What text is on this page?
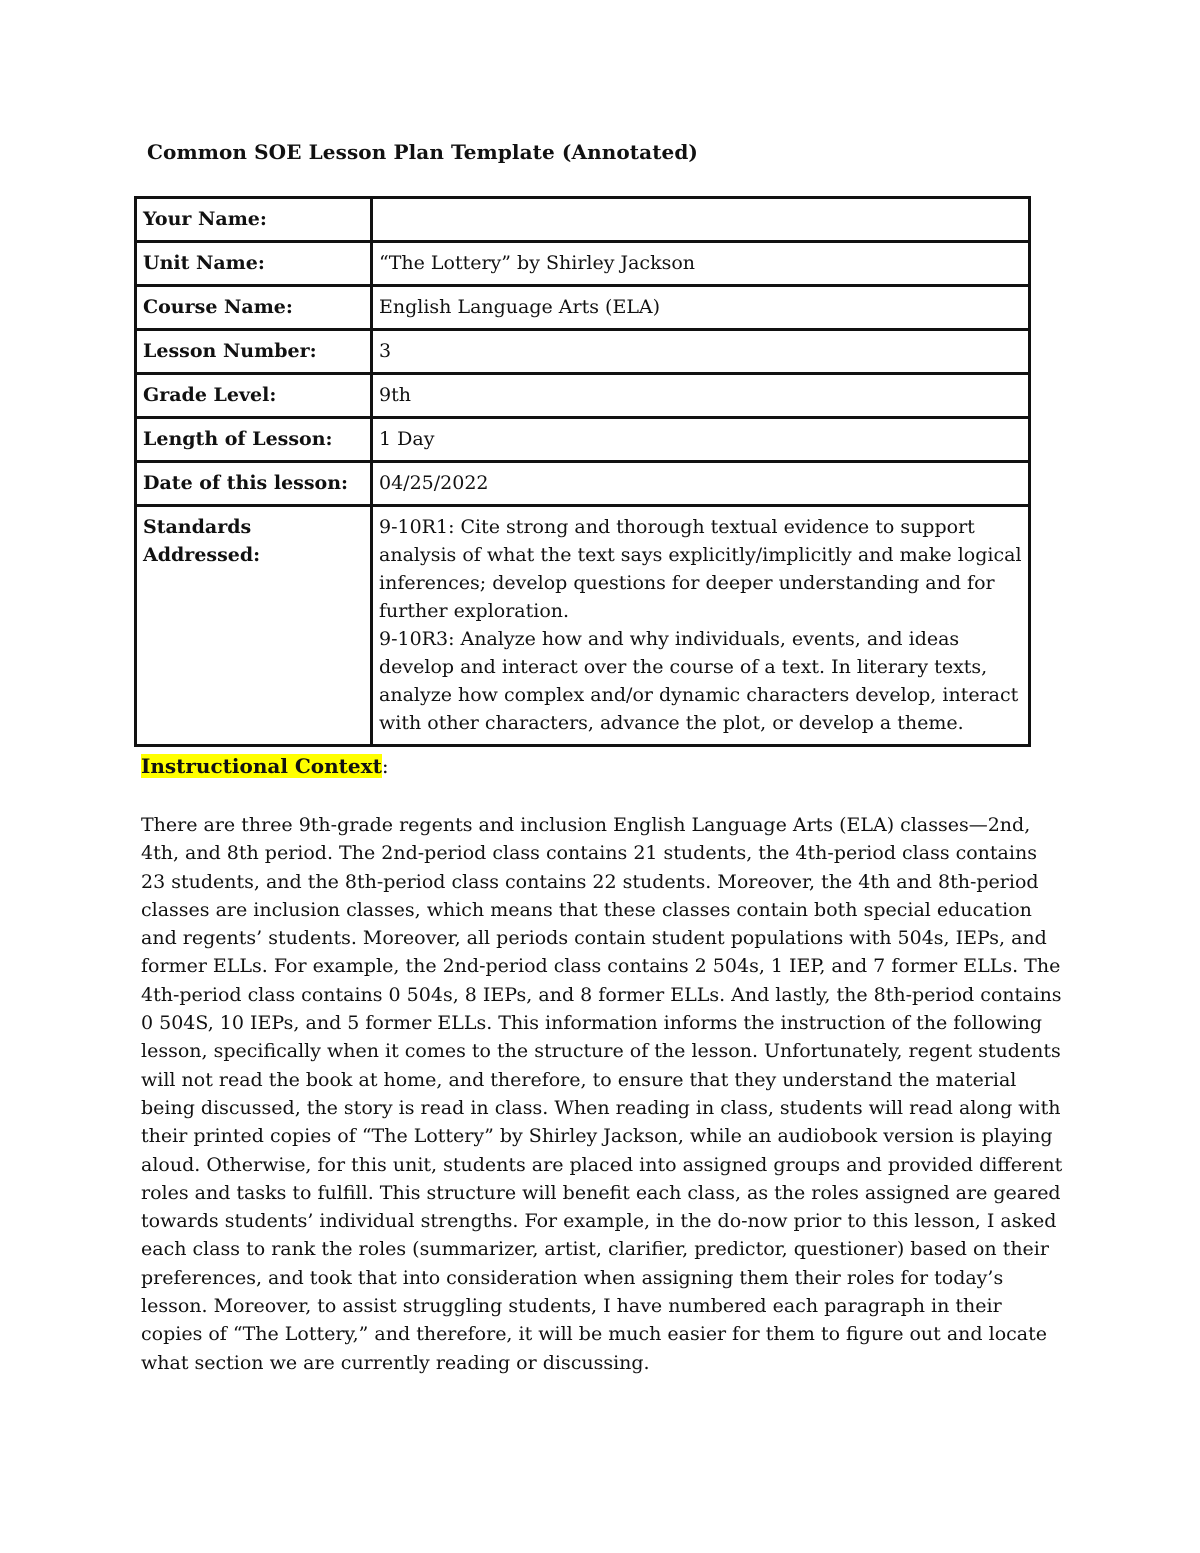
Common SOE Lesson Plan Template (Annotated)
Your Name:	
Unit Name:	“The Lottery” by Shirley Jackson
Course Name:	English Language Arts (ELA)
Lesson Number:	3
Grade Level:	9th
Length of Lesson:	1 Day
Date of this lesson:	04/25/2022
Standards Addressed:	9-10R1: Cite strong and thorough textual evidence to support analysis of what the text says explicitly/implicitly and make logical inferences; develop questions for deeper understanding and for further exploration.
9-10R3: Analyze how and why individuals, events, and ideas develop and interact over the course of a text. In literary texts, analyze how complex and/or dynamic characters develop, interact with other characters, advance the plot, or develop a theme.
Instructional Context:

There are three 9th-grade regents and inclusion English Language Arts (ELA) classes—2nd, 4th, and 8th period. The 2nd-period class contains 21 students, the 4th-period class contains 23 students, and the 8th-period class contains 22 students. Moreover, the 4th and 8th-period classes are inclusion classes, which means that these classes contain both special education and regents’ students. Moreover, all periods contain student populations with 504s, IEPs, and former ELLs. For example, the 2nd-period class contains 2 504s, 1 IEP, and 7 former ELLs. The 4th-period class contains 0 504s, 8 IEPs, and 8 former ELLs. And lastly, the 8th-period contains 0 504S, 10 IEPs, and 5 former ELLs. This information informs the instruction of the following lesson, specifically when it comes to the structure of the lesson. Unfortunately, regent students will not read the book at home, and therefore, to ensure that they understand the material being discussed, the story is read in class. When reading in class, students will read along with their printed copies of “The Lottery” by Shirley Jackson, while an audiobook version is playing aloud. Otherwise, for this unit, students are placed into assigned groups and provided different roles and tasks to fulfill. This structure will benefit each class, as the roles assigned are geared towards students’ individual strengths. For example, in the do-now prior to this lesson, I asked each class to rank the roles (summarizer, artist, clarifier, predictor, questioner) based on their preferences, and took that into consideration when assigning them their roles for today’s lesson. Moreover, to assist struggling students, I have numbered each paragraph in their copies of “The Lottery,” and therefore, it will be much easier for them to figure out and locate what section we are currently reading or discussing.
